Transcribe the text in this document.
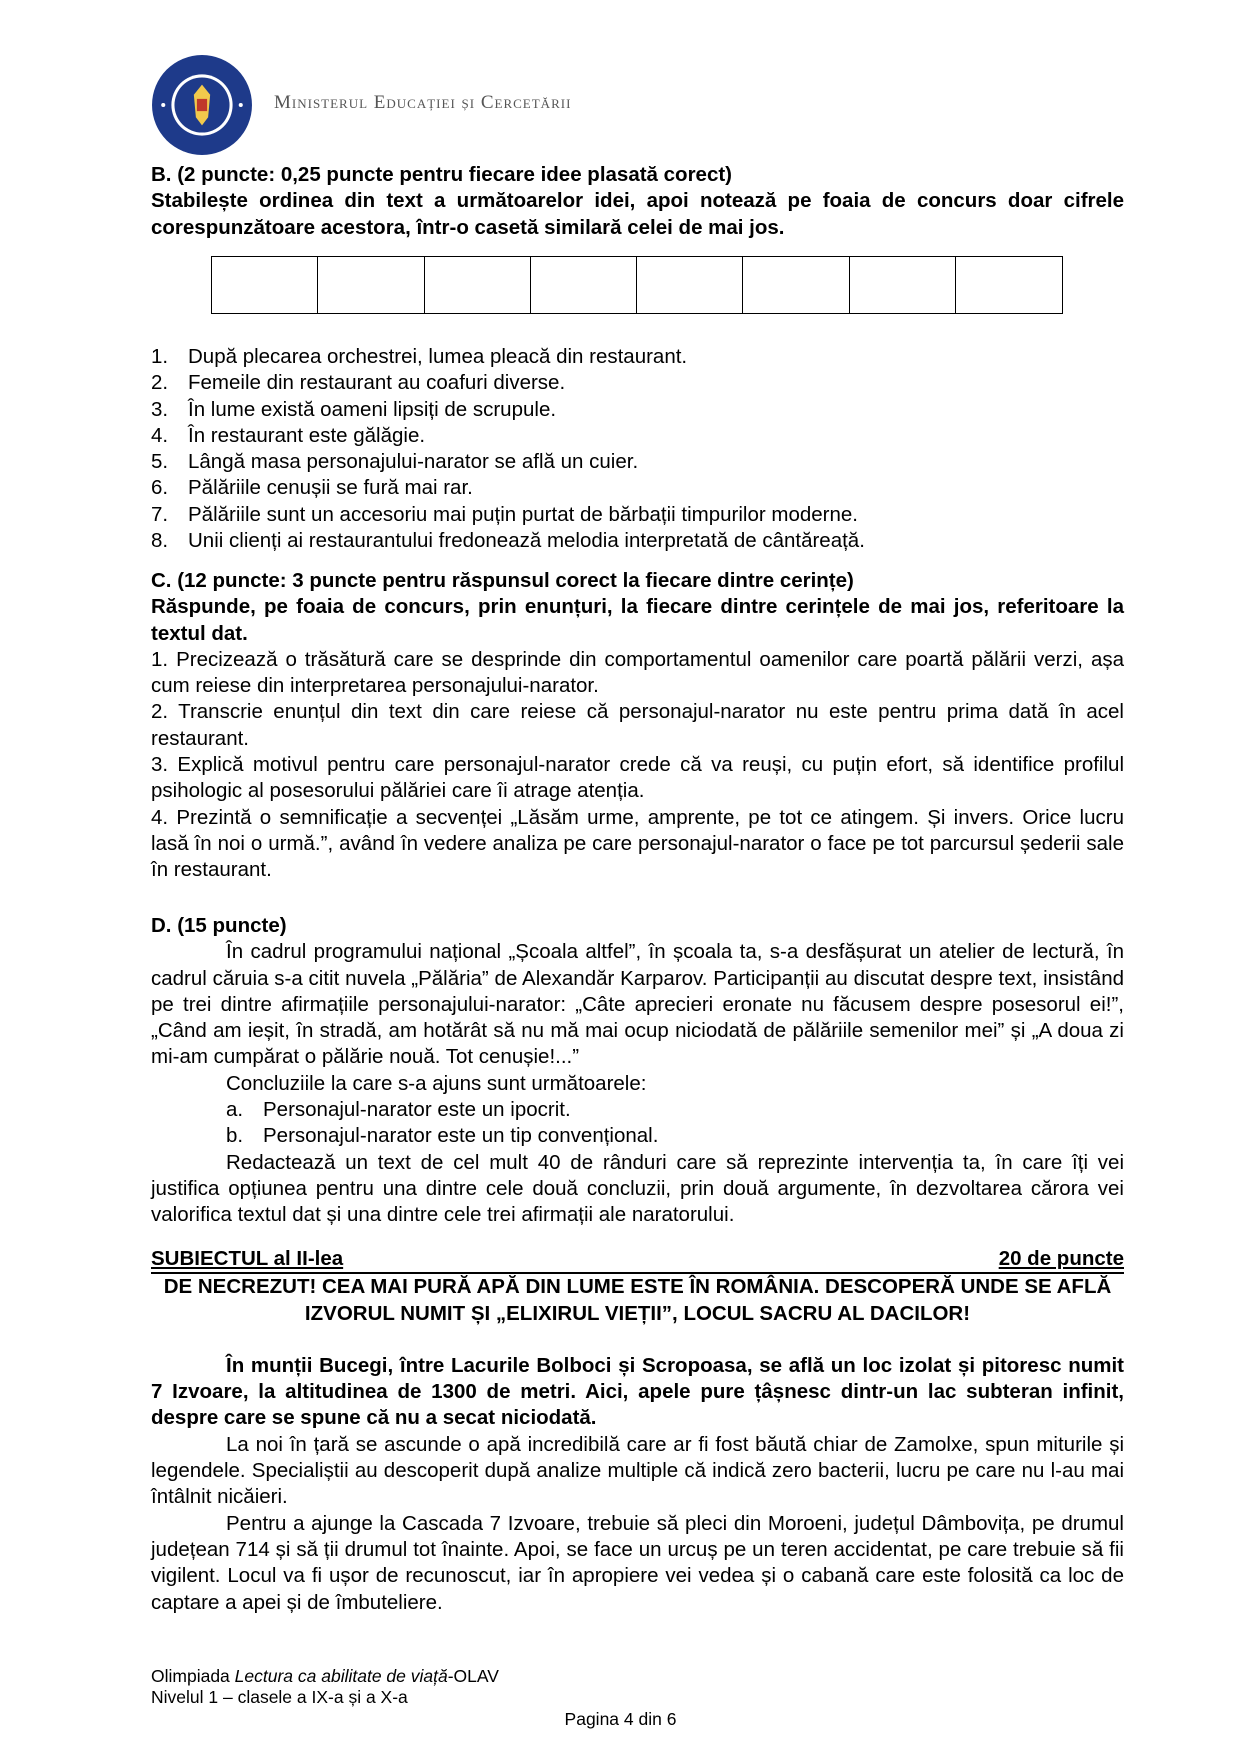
Ministerul Educației și Cercetării

B. (2 puncte: 0,25 puncte pentru fiecare idee plasată corect)

Stabilește ordinea din text a următoarelor idei, apoi notează pe foaia de concurs doar cifrele corespunzătoare acestora, într-o casetă similară celei de mai jos.

1. După plecarea orchestrei, lumea pleacă din restaurant.
2. Femeile din restaurant au coafuri diverse.
3. În lume există oameni lipsiți de scrupule.
4. În restaurant este gălăgie.
5. Lângă masa personajului-narator se află un cuier.
6. Pălăriile cenușii se fură mai rar.
7. Pălăriile sunt un accesoriu mai puțin purtat de bărbații timpurilor moderne.
8. Unii clienți ai restaurantului fredonează melodia interpretată de cântăreață.

C. (12 puncte: 3 puncte pentru răspunsul corect la fiecare dintre cerințe)

Răspunde, pe foaia de concurs, prin enunțuri, la fiecare dintre cerințele de mai jos, referitoare la textul dat.

1. Precizează o trăsătură care se desprinde din comportamentul oamenilor care poartă pălării verzi, așa cum reiese din interpretarea personajului-narator.

2. Transcrie enunțul din text din care reiese că personajul-narator nu este pentru prima dată în acel restaurant.

3. Explică motivul pentru care personajul-narator crede că va reuși, cu puțin efort, să identifice profilul psihologic al posesorului pălăriei care îi atrage atenția.

4. Prezintă o semnificație a secvenței „Lăsăm urme, amprente, pe tot ce atingem. Și invers. Orice lucru lasă în noi o urmă.”, având în vedere analiza pe care personajul-narator o face pe tot parcursul șederii sale în restaurant.

D. (15 puncte)

În cadrul programului național „Școala altfel”, în școala ta, s-a desfășurat un atelier de lectură, în cadrul căruia s-a citit nuvela „Pălăria” de Alexandăr Karparov. Participanții au discutat despre text, insistând pe trei dintre afirmațiile personajului-narator: „Câte aprecieri eronate nu făcusem despre posesorul ei!”, „Când am ieșit, în stradă, am hotărât să nu mă mai ocup niciodată de pălăriile semenilor mei” și „A doua zi mi-am cumpărat o pălărie nouă. Tot cenușie!...”

Concluziile la care s-a ajuns sunt următoarele:

a. Personajul-narator este un ipocrit.
b. Personajul-narator este un tip convențional.

Redactează un text de cel mult 40 de rânduri care să reprezinte intervenția ta, în care îți vei justifica opțiunea pentru una dintre cele două concluzii, prin două argumente, în dezvoltarea cărora vei valorifica textul dat și una dintre cele trei afirmații ale naratorului.

SUBIECTUL al II-lea	20 de puncte

DE NECREZUT! CEA MAI PURĂ APĂ DIN LUME ESTE ÎN ROMÂNIA. DESCOPERĂ UNDE SE AFLĂ IZVORUL NUMIT ȘI „ELIXIRUL VIEȚII”, LOCUL SACRU AL DACILOR!

În munții Bucegi, între Lacurile Bolboci și Scropoasa, se află un loc izolat și pitoresc numit 7 Izvoare, la altitudinea de 1300 de metri. Aici, apele pure țâșnesc dintr-un lac subteran infinit, despre care se spune că nu a secat niciodată.

La noi în țară se ascunde o apă incredibilă care ar fi fost băută chiar de Zamolxe, spun miturile și legendele. Specialiștii au descoperit după analize multiple că indică zero bacterii, lucru pe care nu l-au mai întâlnit nicăieri.

Pentru a ajunge la Cascada 7 Izvoare, trebuie să pleci din Moroeni, județul Dâmbovița, pe drumul județean 714 și să ții drumul tot înainte. Apoi, se face un urcuș pe un teren accidentat, pe care trebuie să fii vigilent. Locul va fi ușor de recunoscut, iar în apropiere vei vedea și o cabană care este folosită ca loc de captare a apei și de îmbuteliere.

Olimpiada Lectura ca abilitate de viață-OLAV
Nivelul 1 – clasele a IX-a și a X-a
Pagina 4 din 6
